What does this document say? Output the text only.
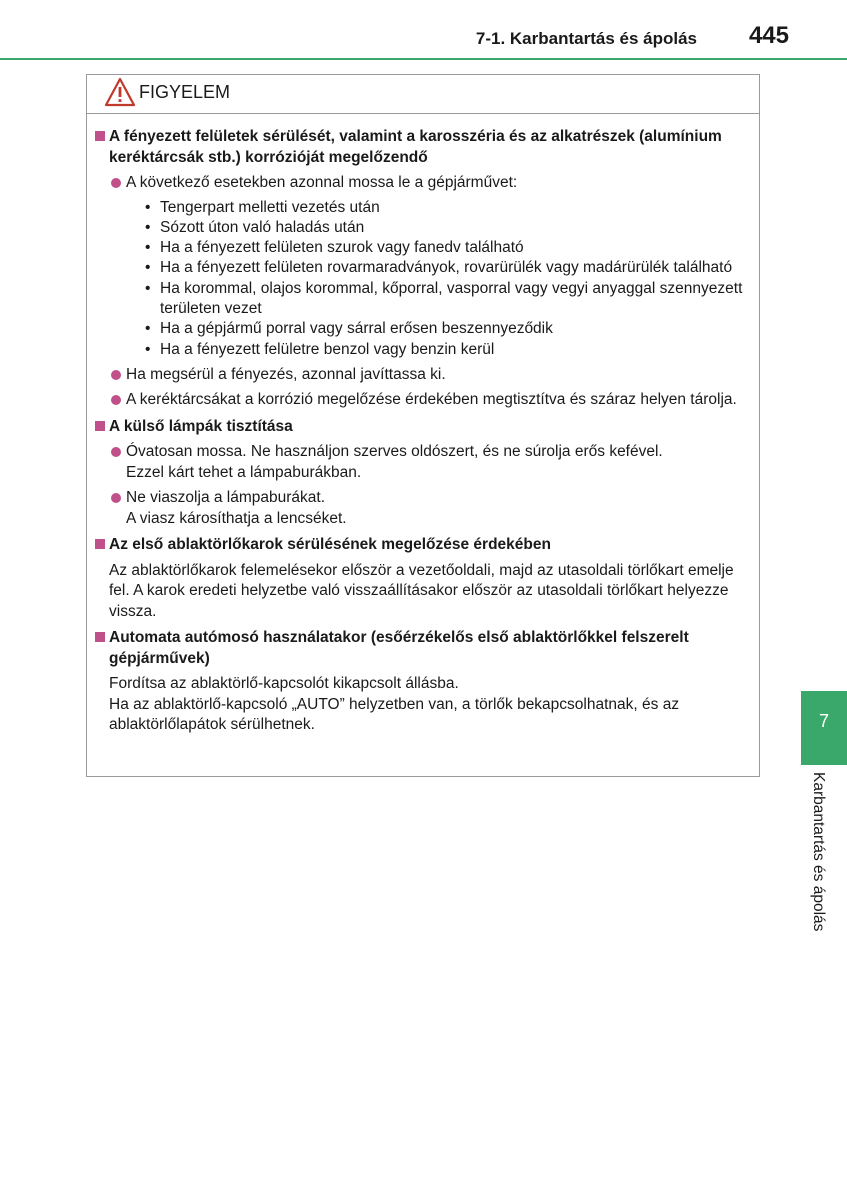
7-1. Karbantartás és ápolás 445
FIGYELEM
A fényezett felületek sérülését, valamint a karosszéria és az alkatrészek (alumínium keréktárcsák stb.) korrózióját megelőzendő
A következő esetekben azonnal mossa le a gépjárművet:
• Tengerpart melletti vezetés után
• Sózott úton való haladás után
• Ha a fényezett felületen szurok vagy fanedv található
• Ha a fényezett felületen rovarmaradványok, rovarürülék vagy madárürülék található
• Ha korommal, olajos korommal, kőporral, vasporral vagy vegyi anyaggal szennyezett területen vezet
• Ha a gépjármű porral vagy sárral erősen beszennyeződik
• Ha a fényezett felületre benzol vagy benzin kerül
Ha megsérül a fényezés, azonnal javíttassa ki.
A keréktárcsákat a korrózió megelőzése érdekében megtisztítva és száraz helyen tárolja.
A külső lámpák tisztítása
Óvatosan mossa. Ne használjon szerves oldószert, és ne súrolja erős kefével.
Ezzel kárt tehet a lámpaburákban.
Ne viaszolja a lámpaburákat.
A viasz károsíthatja a lencséket.
Az első ablaktörlőkarok sérülésének megelőzése érdekében
Az ablaktörlőkarok felemelésekor először a vezetőoldali, majd az utasoldali törlőkart emelje fel. A karok eredeti helyzetbe való visszaállításakor először az utasoldali törlőkart helyezze vissza.
Automata autómosó használatakor (esőérzékelős első ablaktörlőkkel felszerelt gépjárművek)
Fordítsa az ablaktörlő-kapcsolót kikapcsolt állásba.
Ha az ablaktörlő-kapcsoló „AUTO” helyzetben van, a törlők bekapcsolhatnak, és az ablaktörlőlapátok sérülhetnek.	7
Karbantartás és ápolás
